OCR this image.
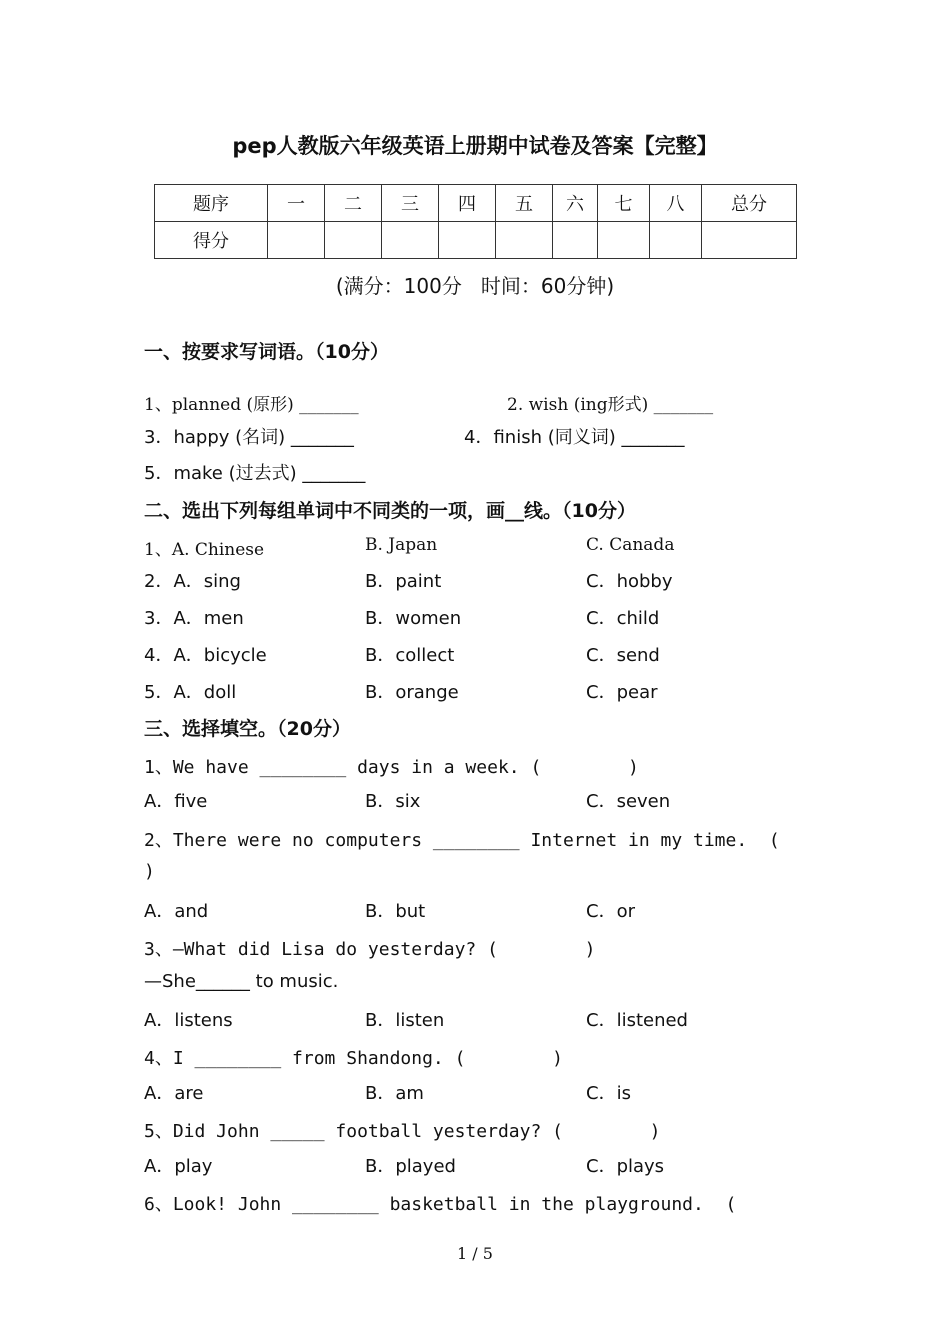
pep人教版六年级英语上册期中试卷及答案【完整】
题序	一	二	三	四	五	六	七	八	总分
得分									
(满分：100分   时间：60分钟)
一、按要求写词语。（10分）
1、planned (原形) _______	2. wish (ing形式) _______
3．happy (名词) _______	4．finish (同义词) _______
5．make (过去式) _______
二、选出下列每组单词中不同类的一项，画__线。（10分）
1、A. Chinese	B. Japan	C. Canada
2．A．sing	B．paint	C．hobby
3．A．men	B．women	C．child
4．A．bicycle	B．collect	C．send
5．A．doll	B．orange	C．pear
三、选择填空。（20分）
1、We have ________ days in a week. (        )
A．five	B．six	C．seven
2、There were no computers ________ Internet in my time.  (
)
A．and	B．but	C．or
3、—What did Lisa do yesterday? (        )
—She______ to music.
A．listens	B．listen	C．listened
4、I ________ from Shandong. (        )
A．are	B．am	C．is
5、Did John _____ football yesterday? (        )
A．play	B．played	C．plays
6、Look! John ________ basketball in the playground.  (
1 / 5
